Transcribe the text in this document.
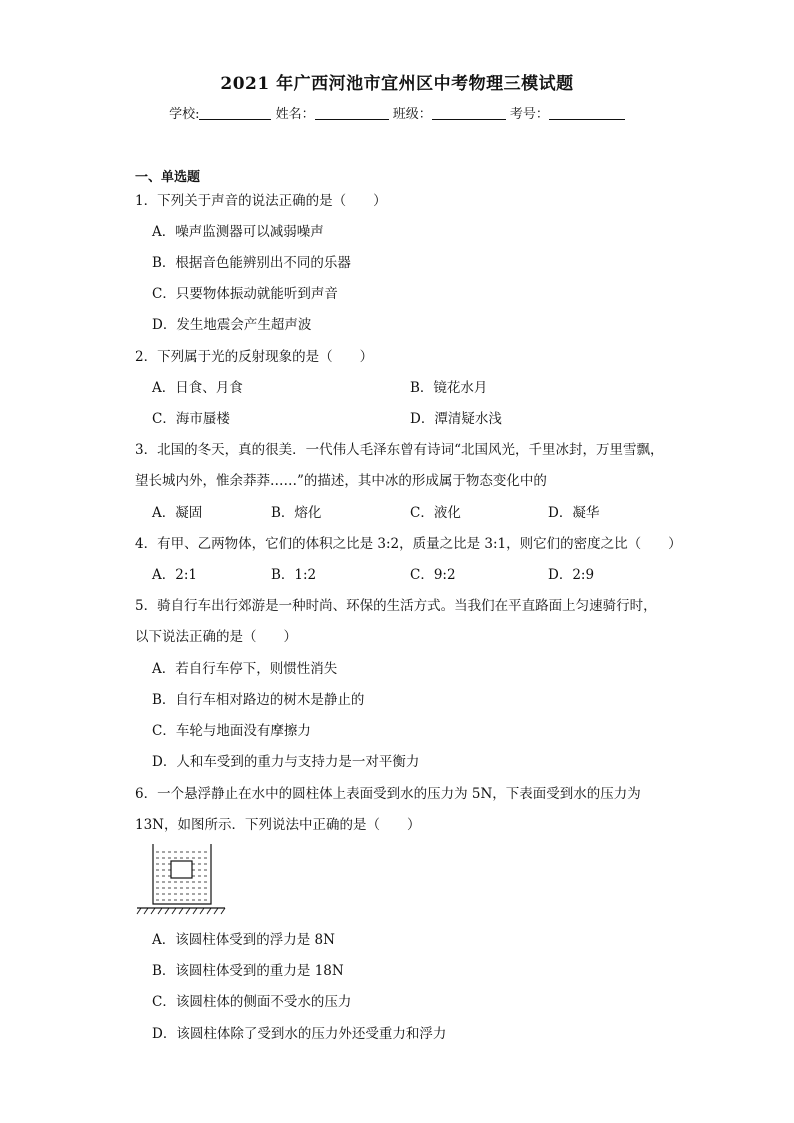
2021 年广西河池市宜州区中考物理三模试题
学校:	姓名：	班级：	考号：
一、单选题
1．下列关于声音的说法正确的是（　　）
A．噪声监测器可以减弱噪声
B．根据音色能辨别出不同的乐器
C．只要物体振动就能听到声音
D．发生地震会产生超声波
2．下列属于光的反射现象的是（　　）
A．日食、月食	B．镜花水月
C．海市蜃楼	D．潭清疑水浅
3．北国的冬天，真的很美．一代伟人毛泽东曾有诗词“北国风光，千里冰封，万里雪飘，
望长城内外，惟余莽莽……”的描述，其中冰的形成属于物态变化中的
A．凝固	B．熔化	C．液化	D．凝华
4．有甲、乙两物体，它们的体积之比是 3:2，质量之比是 3:1，则它们的密度之比（　　）
A．2:1	B．1:2	C．9:2	D．2:9
5．骑自行车出行郊游是一种时尚、环保的生活方式。当我们在平直路面上匀速骑行时，
以下说法正确的是（　　）
A．若自行车停下，则惯性消失
B．自行车相对路边的树木是静止的
C．车轮与地面没有摩擦力
D．人和车受到的重力与支持力是一对平衡力
6．一个悬浮静止在水中的圆柱体上表面受到水的压力为 5N，下表面受到水的压力为
13N，如图所示．下列说法中正确的是（　　）
A．该圆柱体受到的浮力是 8N
B．该圆柱体受到的重力是 18N
C．该圆柱体的侧面不受水的压力
D．该圆柱体除了受到水的压力外还受重力和浮力
